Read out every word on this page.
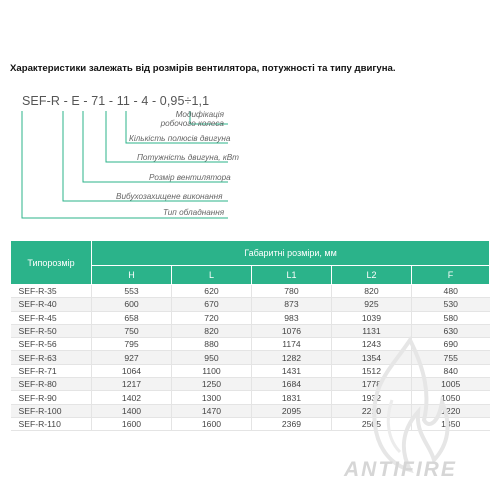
Характеристики залежать від розмірів вентилятора, потужності та типу двигуна.
SEF-R - E - 71 - 11 - 4 - 0,95÷1,1
Модифікація робочого колеса
Кількість полюсів двигуна
Потужність двигуна, кВт
Розмір вентилятора
Вибухозахищене виконання
Тип обладнання
Типорозмір	Габаритні розміри, мм				
	H	L	L1	L2	F
SEF-R-35	553	620	780	820	480
SEF-R-40	600	670	873	925	530
SEF-R-45	658	720	983	1039	580
SEF-R-50	750	820	1076	1131	630
SEF-R-56	795	880	1174	1243	690
SEF-R-63	927	950	1282	1354	755
SEF-R-71	1064	1100	1431	1512	840
SEF-R-80	1217	1250	1684	1778	1005
SEF-R-90	1402	1300	1831	1932	1050
SEF-R-100	1400	1470	2095	2210	1220
SEF-R-110	1600	1600	2369	2505	1350
ANTIFIRE
